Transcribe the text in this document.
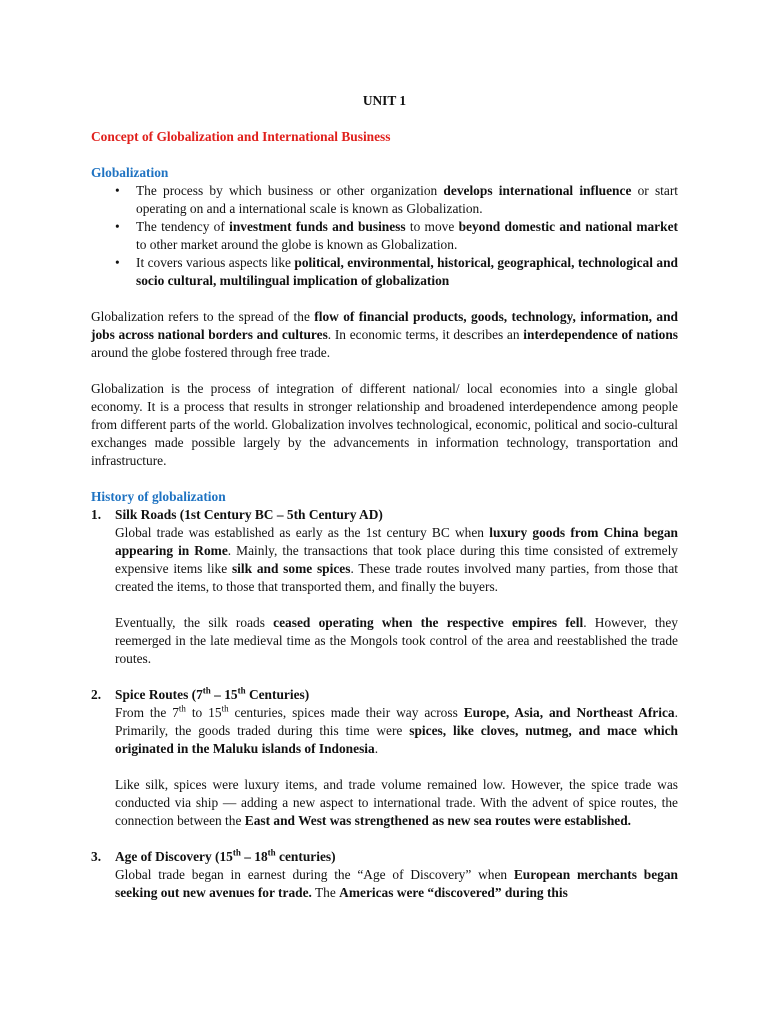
UNIT 1
Concept of Globalization and International Business
Globalization
• The process by which business or other organization develops international influence or start operating on and a international scale is known as Globalization.
• The tendency of investment funds and business to move beyond domestic and national market to other market around the globe is known as Globalization.
• It covers various aspects like political, environmental, historical, geographical, technological and socio cultural, multilingual implication of globalization

Globalization refers to the spread of the flow of financial products, goods, technology, information, and jobs across national borders and cultures. In economic terms, it describes an interdependence of nations around the globe fostered through free trade.

Globalization is the process of integration of different national/ local economies into a single global economy. It is a process that results in stronger relationship and broadened interdependence among people from different parts of the world. Globalization involves technological, economic, political and socio-cultural exchanges made possible largely by the advancements in information technology, transportation and infrastructure.

History of globalization
1. Silk Roads (1st Century BC – 5th Century AD)

Global trade was established as early as the 1st century BC when luxury goods from China began appearing in Rome. Mainly, the transactions that took place during this time consisted of extremely expensive items like silk and some spices. These trade routes involved many parties, from those that created the items, to those that transported them, and finally the buyers.

Eventually, the silk roads ceased operating when the respective empires fell. However, they reemerged in the late medieval time as the Mongols took control of the area and reestablished the trade routes.

2. Spice Routes (7th – 15th Centuries)

From the 7th to 15th centuries, spices made their way across Europe, Asia, and Northeast Africa. Primarily, the goods traded during this time were spices, like cloves, nutmeg, and mace which originated in the Maluku islands of Indonesia.

Like silk, spices were luxury items, and trade volume remained low. However, the spice trade was conducted via ship — adding a new aspect to international trade. With the advent of spice routes, the connection between the East and West was strengthened as new sea routes were established.

3. Age of Discovery (15th – 18th centuries)

Global trade began in earnest during the “Age of Discovery” when European merchants began seeking out new avenues for trade. The Americas were “discovered” during this
